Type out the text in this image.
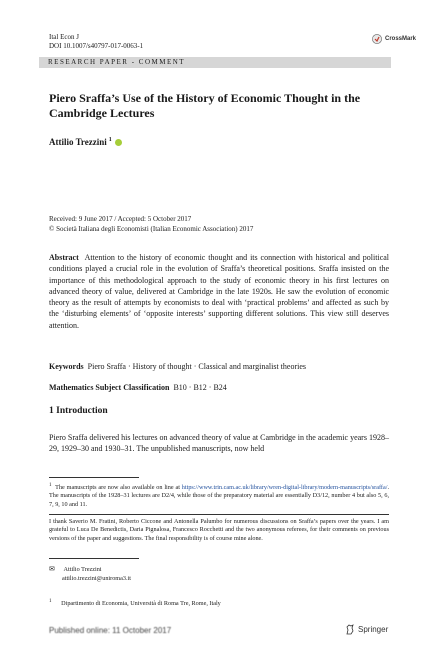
Ital Econ J
DOI 10.1007/s40797-017-0063-1
CrossMark
RESEARCH PAPER - COMMENT
Piero Sraffa’s Use of the History of Economic Thought in the Cambridge Lectures
Attilio Trezzini $^1$
Received: 9 June 2017 / Accepted: 5 October 2017
© Società Italiana degli Economisti (Italian Economic Association) 2017
Abstract Attention to the history of economic thought and its connection with historical and political conditions played a crucial role in the evolution of Sraffa’s theoretical positions. Sraffa insisted on the importance of this methodological approach to the study of economic theory in his first lectures on advanced theory of value, delivered at Cambridge in the late 1920s. He saw the evolution of economic theory as the result of attempts by economists to deal with ‘practical problems’ and affected as such by the ‘disturbing elements’ of ‘opposite interests’ supporting different solutions. This view still deserves attention.
Keywords Piero Sraffa · History of thought · Classical and marginalist theories
Mathematics Subject Classification B10 · B12 · B24
1 Introduction
Piero Sraffa delivered his lectures on advanced theory of value at Cambridge in the academic years 1928–29, 1929–30 and 1930–31. The unpublished manuscripts, now held
$^1$ The manuscripts are now also available on line at https://www.trin.cam.ac.uk/library/wren-digital-library/modern-manuscripts/sraffa/. The manuscripts of the 1928–31 lectures are D2/4, while those of the preparatory material are essentially D3/12, number 4 but also 5, 6, 7, 9, 10 and 11.
I thank Saverio M. Fratini, Roberto Ciccone and Antonella Palumbo for numerous discussions on Sraffa’s papers over the years. I am grateful to Luca De Benedictis, Daria Pignalosa, Francesco Rocchetti and the two anonymous referees, for their comments on previous versions of the paper and suggestions. The final responsibility is of course mine alone.
✉ Attilio Trezzini
attilio.trezzini@uniroma3.it
$^1$ Dipartimento di Economia, Università di Roma Tre, Rome, Italy
Published online: 11 October 2017	Springer
